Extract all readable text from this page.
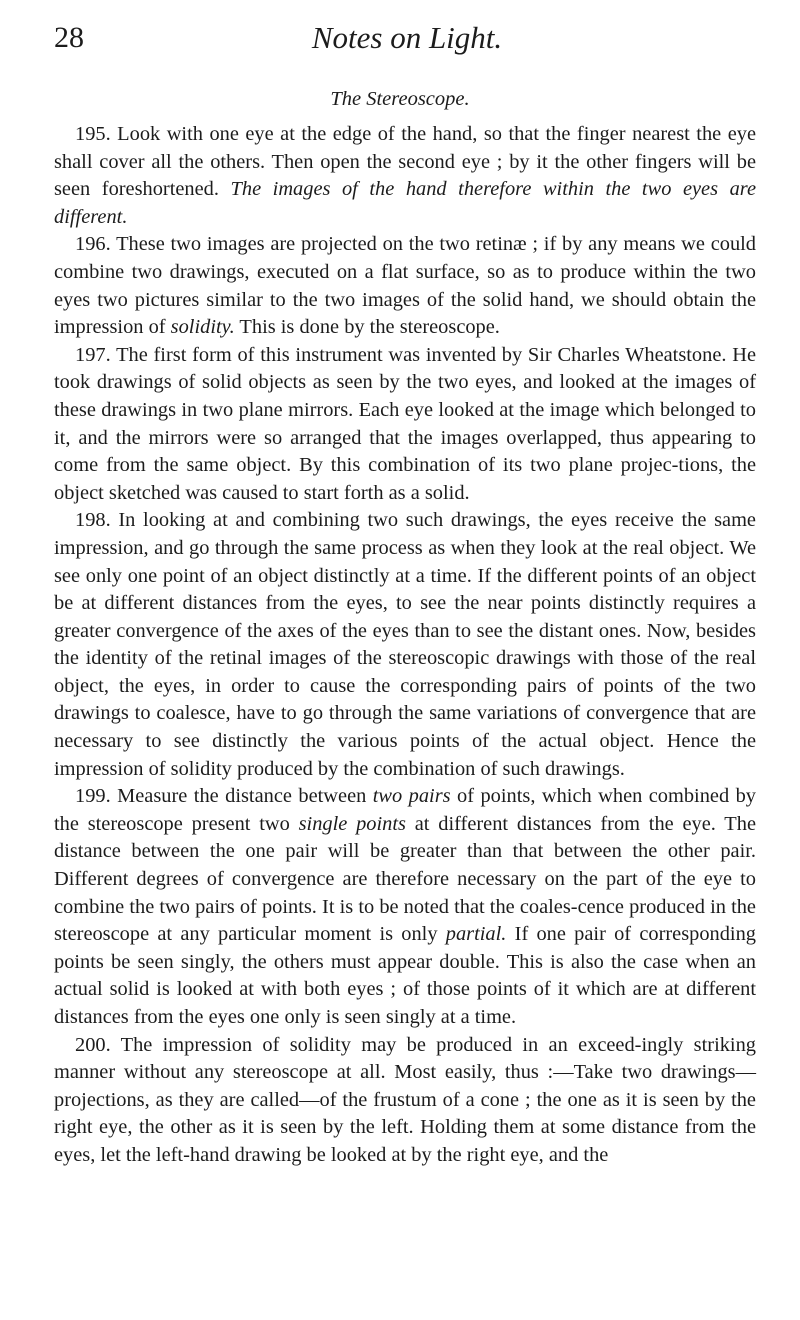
Notes on Light.
28
The Stereoscope.

195. Look with one eye at the edge of the hand, so that the finger nearest the eye shall cover all the others. Then open the second eye ; by it the other fingers will be seen foreshortened. The images of the hand therefore within the two eyes are different.

196. These two images are projected on the two retinæ ; if by any means we could combine two drawings, executed on a flat surface, so as to produce within the two eyes two pictures similar to the two images of the solid hand, we should obtain the impression of solidity. This is done by the stereoscope.

197. The first form of this instrument was invented by Sir Charles Wheatstone. He took drawings of solid objects as seen by the two eyes, and looked at the images of these drawings in two plane mirrors. Each eye looked at the image which belonged to it, and the mirrors were so arranged that the images overlapped, thus appearing to come from the same object. By this combination of its two plane projec-tions, the object sketched was caused to start forth as a solid.

198. In looking at and combining two such drawings, the eyes receive the same impression, and go through the same process as when they look at the real object. We see only one point of an object distinctly at a time. If the different points of an object be at different distances from the eyes, to see the near points distinctly requires a greater convergence of the axes of the eyes than to see the distant ones. Now, besides the identity of the retinal images of the stereoscopic drawings with those of the real object, the eyes, in order to cause the corresponding pairs of points of the two drawings to coalesce, have to go through the same variations of convergence that are necessary to see distinctly the various points of the actual object. Hence the impression of solidity produced by the combination of such drawings.

199. Measure the distance between two pairs of points, which when combined by the stereoscope present two single points at different distances from the eye. The distance between the one pair will be greater than that between the other pair. Different degrees of convergence are therefore necessary on the part of the eye to combine the two pairs of points. It is to be noted that the coales-cence produced in the stereoscope at any particular moment is only partial. If one pair of corresponding points be seen singly, the others must appear double. This is also the case when an actual solid is looked at with both eyes ; of those points of it which are at different distances from the eyes one only is seen singly at a time.

200. The impression of solidity may be produced in an exceed-ingly striking manner without any stereoscope at all. Most easily, thus :—Take two drawings—projections, as they are called—of the frustum of a cone ; the one as it is seen by the right eye, the other as it is seen by the left. Holding them at some distance from the eyes, let the left-hand drawing be looked at by the right eye, and the
